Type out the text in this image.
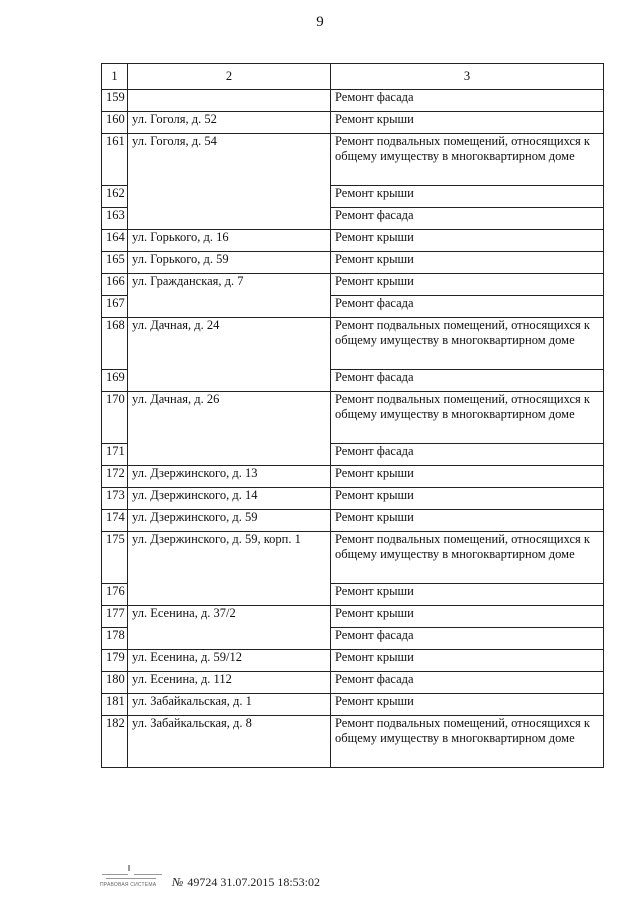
9
1	2	3
159		Ремонт фасада
160	ул. Гоголя, д. 52	Ремонт крыши
161	ул. Гоголя, д. 54	Ремонт подвальных помещений, относящихся к общему имуществу в многоквартирном доме
162		Ремонт крыши
163		Ремонт фасада
164	ул. Горького, д. 16	Ремонт крыши
165	ул. Горького, д. 59	Ремонт крыши
166	ул. Гражданская, д. 7	Ремонт крыши
167		Ремонт фасада
168	ул. Дачная, д. 24	Ремонт подвальных помещений, относящихся к общему имуществу в многоквартирном доме
169		Ремонт фасада
170	ул. Дачная, д. 26	Ремонт подвальных помещений, относящихся к общему имуществу в многоквартирном доме
171		Ремонт фасада
172	ул. Дзержинского, д. 13	Ремонт крыши
173	ул. Дзержинского, д. 14	Ремонт крыши
174	ул. Дзержинского, д. 59	Ремонт крыши
175	ул. Дзержинского, д. 59, корп. 1	Ремонт подвальных помещений, относящихся к общему имуществу в многоквартирном доме
176		Ремонт крыши
177	ул. Есенина, д. 37/2	Ремонт крыши
178		Ремонт фасада
179	ул. Есенина, д. 59/12	Ремонт крыши
180	ул. Есенина, д. 112	Ремонт фасада
181	ул. Забайкальская, д. 1	Ремонт крыши
182	ул. Забайкальская, д. 8	Ремонт подвальных помещений, относящихся к общему имуществу в многоквартирном доме
ПРАВОВАЯ СИСТЕМА № 49724 31.07.2015 18:53:02
